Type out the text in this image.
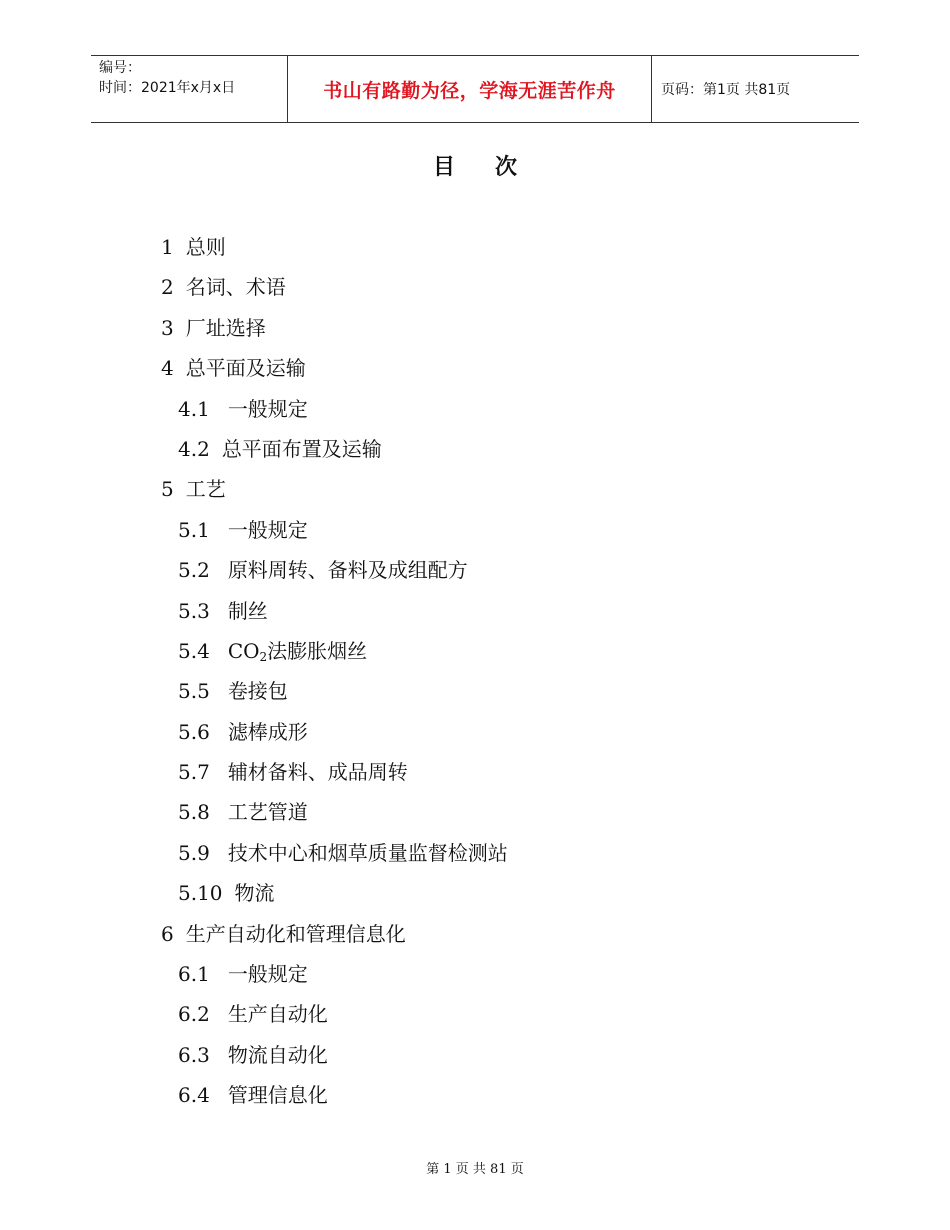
编号：
时间：2021年x月x日	书山有路勤为径，学海无涯苦作舟	页码：第1页 共81页
目 次
1 总则
2 名词、术语
3 厂址选择
4 总平面及运输
4.1 一般规定
4.2 总平面布置及运输
5 工艺
5.1 一般规定
5.2 原料周转、备料及成组配方
5.3 制丝
5.4 $CO_2$法膨胀烟丝
5.5 卷接包
5.6 滤棒成形
5.7 辅材备料、成品周转
5.8 工艺管道
5.9 技术中心和烟草质量监督检测站
5.10 物流
6 生产自动化和管理信息化
6.1 一般规定
6.2 生产自动化
6.3 物流自动化
6.4 管理信息化
第 1 页 共 81 页
